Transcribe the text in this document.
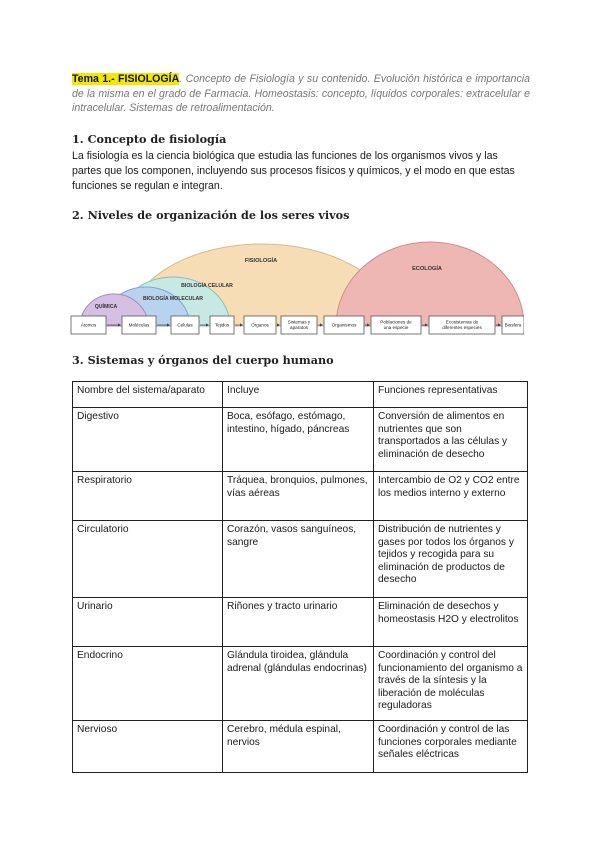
Tema 1.- FISIOLOGÍA. Concepto de Fisiología y su contenido. Evolución histórica e importancia de la misma en el grado de Farmacia. Homeostasis: concepto, líquidos corporales: extracelular e intracelular. Sistemas de retroalimentación.

1. Concepto de fisiología

La fisiología es la ciencia biológica que estudia las funciones de los organismos vivos y las partes que los componen, incluyendo sus procesos físicos y químicos, y el modo en que estas funciones se regulan e integran.

2. Niveles de organización de los seres vivos
FISIOLOGÍA
ECOLOGÍA
BIOLOGÍA CELULAR
BIOLOGÍA MOLECULAR
QUÍMICA
Átomos	Moléculas	Células	Tejidos	Órganos
Sistemas y aparatos	Organismos
Poblaciones de una especie
Ecosistemas de diferentes especies	Biosfera
3. Sistemas y órganos del cuerpo humano
Nombre del sistema/aparato	Incluye	Funciones representativas
Digestivo	Boca, esófago, estómago, intestino, hígado, páncreas	Conversión de alimentos en nutrientes que son transportados a las células y eliminación de desecho
Respiratorio	Tráquea, bronquios, pulmones, vías aéreas	Intercambio de O2 y CO2 entre los medios interno y externo
Circulatorio	Corazón, vasos sanguíneos, sangre	Distribución de nutrientes y gases por todos los órganos y tejidos y recogida para su eliminación de productos de desecho
Urinario	Riñones y tracto urinario	Eliminación de desechos y homeostasis H2O y electrolitos
Endocrino	Glándula tiroidea, glándula adrenal (glándulas endocrinas)	Coordinación y control del funcionamiento del organismo a través de la síntesis y la liberación de moléculas reguladoras
Nervioso	Cerebro, médula espinal, nervios	Coordinación y control de las funciones corporales mediante señales eléctricas
